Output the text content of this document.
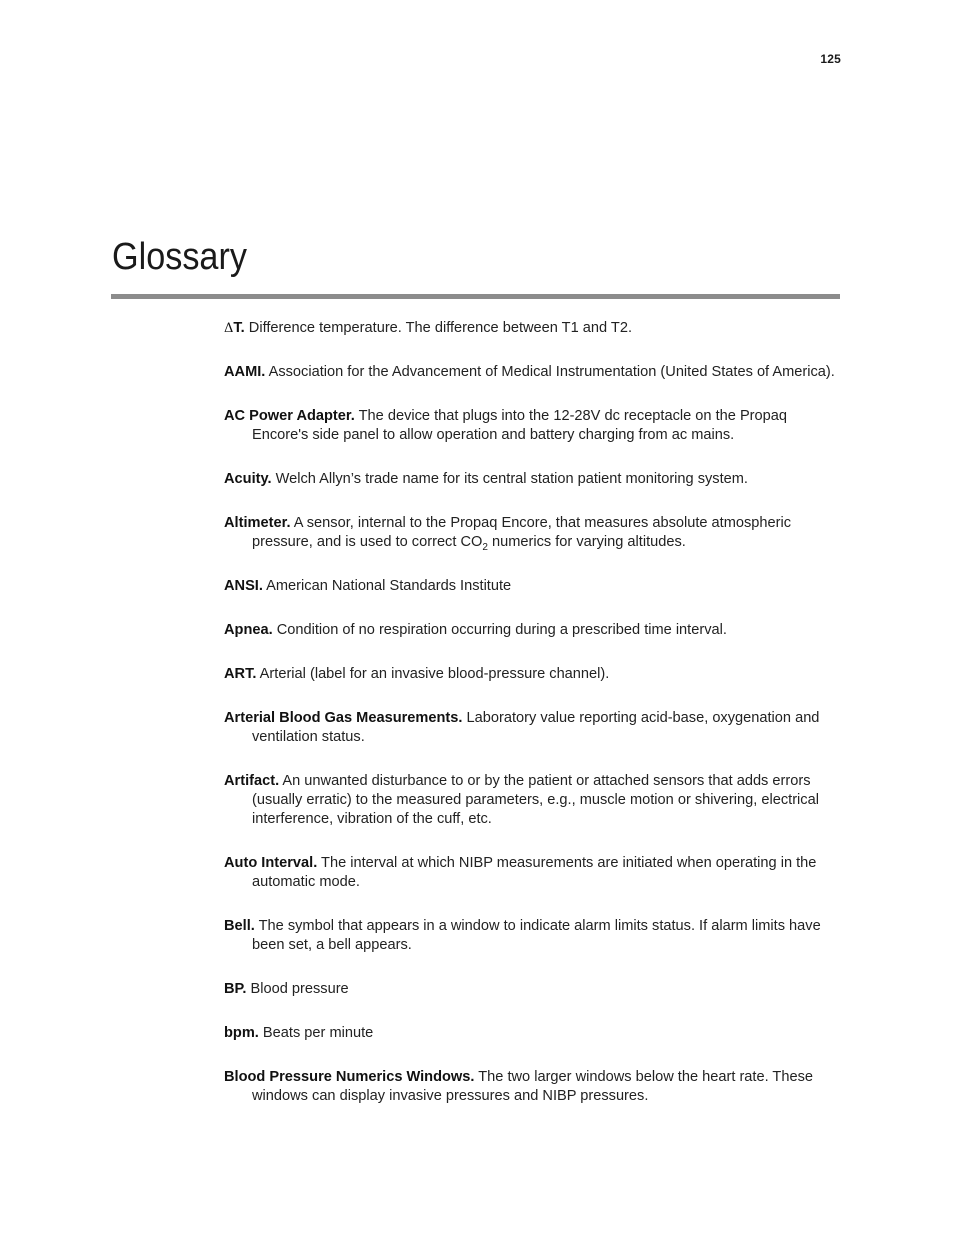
125
Glossary
ΔT. Difference temperature. The difference between T1 and T2.
AAMI. Association for the Advancement of Medical Instrumentation (United States of America).
AC Power Adapter. The device that plugs into the 12-28V dc receptacle on the Propaq Encore's side panel to allow operation and battery charging from ac mains.
Acuity. Welch Allyn’s trade name for its central station patient monitoring system.
Altimeter. A sensor, internal to the Propaq Encore, that measures absolute atmospheric pressure, and is used to correct $CO_2$ numerics for varying altitudes.
ANSI. American National Standards Institute
Apnea. Condition of no respiration occurring during a prescribed time interval.
ART. Arterial (label for an invasive blood-pressure channel).
Arterial Blood Gas Measurements. Laboratory value reporting acid-base, oxygenation and ventilation status.
Artifact. An unwanted disturbance to or by the patient or attached sensors that adds errors (usually erratic) to the measured parameters, e.g., muscle motion or shivering, electrical interference, vibration of the cuff, etc.
Auto Interval. The interval at which NIBP measurements are initiated when operating in the automatic mode.
Bell. The symbol that appears in a window to indicate alarm limits status. If alarm limits have been set, a bell appears.
BP. Blood pressure
bpm. Beats per minute
Blood Pressure Numerics Windows. The two larger windows below the heart rate. These windows can display invasive pressures and NIBP pressures.
